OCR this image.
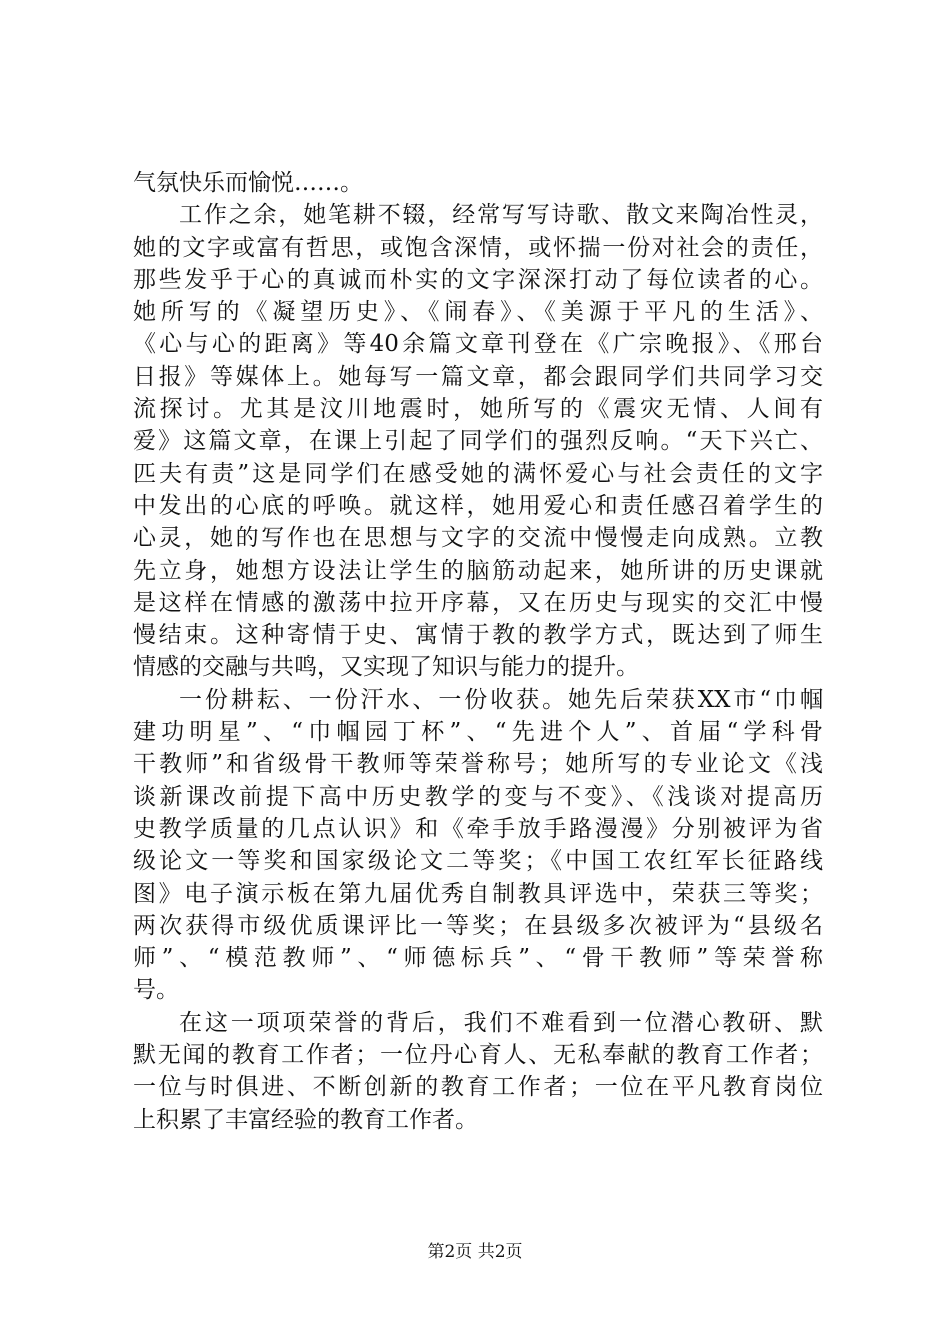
气氛快乐而愉悦……。
工作之余，她笔耕不辍，经常写写诗歌、散文来陶冶性灵，
她的文字或富有哲思，或饱含深情，或怀揣一份对社会的责任，
那些发乎于心的真诚而朴实的文字深深打动了每位读者的心。
她所写的《凝望历史》、《闹春》、《美源于平凡的生活》、
《心与心的距离》等40余篇文章刊登在《广宗晚报》、《邢台
日报》等媒体上。她每写一篇文章，都会跟同学们共同学习交
流探讨。尤其是汶川地震时，她所写的《震灾无情、人间有
爱》这篇文章，在课上引起了同学们的强烈反响。“天下兴亡、
匹夫有责”这是同学们在感受她的满怀爱心与社会责任的文字
中发出的心底的呼唤。就这样，她用爱心和责任感召着学生的
心灵，她的写作也在思想与文字的交流中慢慢走向成熟。立教
先立身，她想方设法让学生的脑筋动起来，她所讲的历史课就
是这样在情感的激荡中拉开序幕，又在历史与现实的交汇中慢
慢结束。这种寄情于史、寓情于教的教学方式，既达到了师生
情感的交融与共鸣，又实现了知识与能力的提升。
一份耕耘、一份汗水、一份收获。她先后荣获XX市“巾帼
建功明星”、“巾帼园丁杯”、“先进个人”、首届“学科骨
干教师”和省级骨干教师等荣誉称号；她所写的专业论文《浅
谈新课改前提下高中历史教学的变与不变》、《浅谈对提高历
史教学质量的几点认识》和《牵手放手路漫漫》分别被评为省
级论文一等奖和国家级论文二等奖；《中国工农红军长征路线
图》电子演示板在第九届优秀自制教具评选中，荣获三等奖；
两次获得市级优质课评比一等奖；在县级多次被评为“县级名
师”、“模范教师”、“师德标兵”、“骨干教师”等荣誉称
号。
在这一项项荣誉的背后，我们不难看到一位潜心教研、默
默无闻的教育工作者；一位丹心育人、无私奉献的教育工作者；
一位与时俱进、不断创新的教育工作者；一位在平凡教育岗位
上积累了丰富经验的教育工作者。
第2页 共2页
